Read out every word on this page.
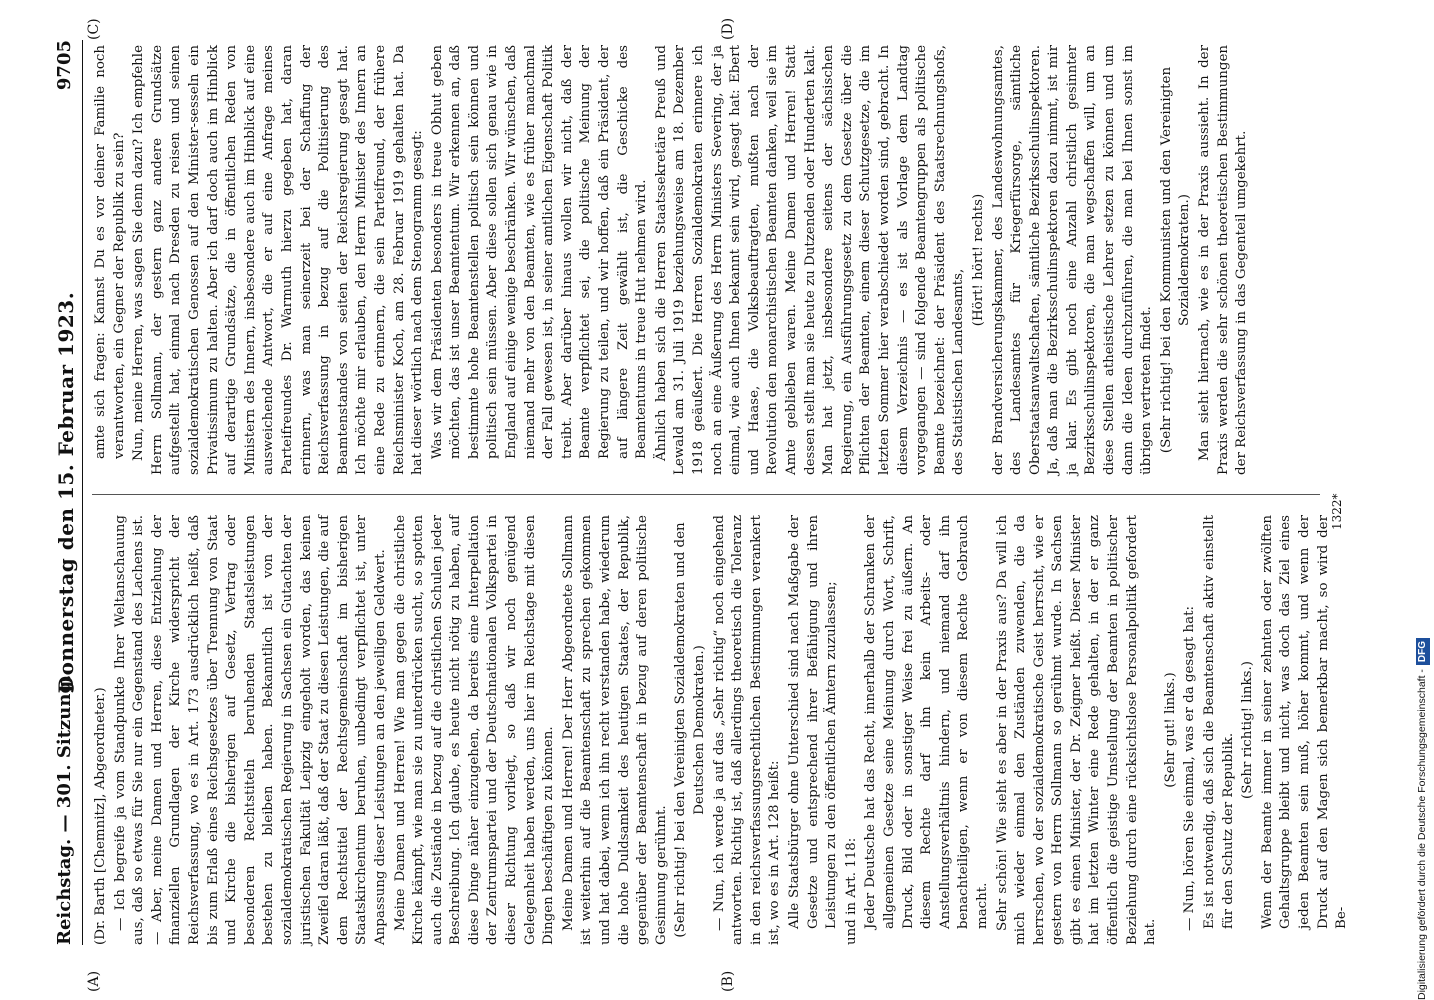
Reichstag. — 301. Sitzung.
Donnerstag den 15. Februar 1923.
9705

(Dr. Barth [Chemnitz], Abgeordneter.) — Ich begreife ja vom Standpunkte Ihrer Weltanschauung aus, daß so etwas für Sie nur ein Gegenstand des Lachens ist. — Aber, meine Damen und Herren, diese Entziehung der finanziellen Grundlagen der Kirche widerspricht der Reichsverfassung, wo es in Art. 173 ausdrücklich heißt, daß bis zum Erlaß eines Reichsgesetzes über Trennung von Staat und Kirche die bisherigen auf Gesetz, Vertrag oder besonderen Rechtstiteln beruhenden Staatsleistungen bestehen zu bleiben haben. Bekanntlich ist von der sozialdemokratischen Regierung in Sachsen ein Gutachten der juristischen Fakultät Leipzig eingeholt worden, das keinen Zweifel daran läßt, daß der Staat zu diesen Leistungen, die auf dem Rechtstitel der Rechtsgemeinschaft im bisherigen Staatskirchentum beruhen, unbedingt verpflichtet ist, unter Anpassung dieser Leistungen an den jeweiligen Geldwert. Meine Damen und Herren! Wie man gegen die christliche Kirche kämpft, wie man sie zu unterdrücken sucht, so spotten auch die Zustände in bezug auf die christlichen Schulen jeder Beschreibung. Ich glaube, es heute nicht nötig zu haben, auf diese Dinge näher einzugehen, da bereits eine Interpellation der Zentrumspartei und der Deutschnationalen Volkspartei in dieser Richtung vorliegt, so daß wir noch genügend Gelegenheit haben werden, uns hier im Reichstage mit diesen Dingen beschäftigen zu können. Meine Damen und Herren! Der Herr Abgeordnete Sollmann ist weiterhin auf die Beamtenschaft zu sprechen gekommen und hat dabei, wenn ich ihn recht verstanden habe, wiederum die hohe Duldsamkeit des heutigen Staates, der Republik, gegenüber der Beamtenschaft in bezug auf deren politische Gesinnung gerühmt. (Sehr richtig! bei den Vereinigten Sozialdemokraten und den Deutschen Demokraten.) — Nun, ich werde ja auf das „Sehr richtig“ noch eingehend antworten. Richtig ist, daß allerdings theoretisch die Toleranz in den reichsverfassungsrechtlichen Bestimmungen verankert ist, wo es in Art. 128 heißt: Alle Staatsbürger ohne Unterschied sind nach Maßgabe der Gesetze und entsprechend ihrer Befähigung und ihren Leistungen zu den öffentlichen Ämtern zuzulassen; und in Art. 118: Jeder Deutsche hat das Recht, innerhalb der Schranken der allgemeinen Gesetze seine Meinung durch Wort, Schrift, Druck, Bild oder in sonstiger Weise frei zu äußern. An diesem Rechte darf ihn kein Arbeits- oder Anstellungsverhältnis hindern, und niemand darf ihn benachteiligen, wenn er von diesem Rechte Gebrauch macht. Sehr schön! Wie sieht es aber in der Praxis aus? Da will ich mich wieder einmal den Zuständen zuwenden, die da herrschen, wo der sozialdemokratische Geist herrscht, wie er gestern von Herrn Sollmann so gerühmt wurde. In Sachsen gibt es einen Minister, der Dr. Zeigner heißt. Dieser Minister hat im letzten Winter eine Rede gehalten, in der er ganz öffentlich die geistige Umstellung der Beamten in politischer Beziehung durch eine rücksichtslose Personalpolitik gefordert hat.

(Sehr gut! links.) — Nun, hören Sie einmal, was er da gesagt hat: Es ist notwendig, daß sich die Beamtenschaft aktiv einstellt für den Schutz der Republik.

(Sehr richtig! links.) Wenn der Beamte immer in seiner zehnten oder zwölften Gehaltsgruppe bleibt und nicht, was doch das Ziel eines jeden Beamten sein muß, höher kommt, und wenn der Druck auf den Magen sich bemerkbar macht, so wird der Be-

amte sich fragen: Kannst Du es vor deiner Familie noch verantworten, ein Gegner der Republik zu sein? Nun, meine Herren, was sagen Sie denn dazu? Ich empfehle Herrn Sollmann, der gestern ganz andere Grundsätze aufgestellt hat, einmal nach Dresden zu reisen und seinen sozialdemokratischen Genossen auf den Minister-sesseln ein Privatissimum zu halten. Aber ich darf doch auch im Hinblick auf derartige Grundsätze, die in öffentlichen Reden von Ministern des Innern, insbesondere auch im Hinblick auf eine ausweichende Antwort, die er auf eine Anfrage meines Parteifreundes Dr. Warmuth hierzu gegeben hat, daran erinnern, was man seinerzeit bei der Schaffung der Reichsverfassung in bezug auf die Politisierung des Beamtenstandes von seiten der Reichsregierung gesagt hat. Ich möchte mir erlauben, den Herrn Minister des Innern an eine Rede zu erinnern, die sein Parteifreund, der frühere Reichsminister Koch, am 28. Februar 1919 gehalten hat. Da hat dieser wörtlich nach dem Stenogramm gesagt: Was wir dem Präsidenten besonders in treue Obhut geben möchten, das ist unser Beamtentum. Wir erkennen an, daß bestimmte hohe Beamtenstellen politisch sein können und politisch sein müssen. Aber diese sollen sich genau wie in England auf einige wenige beschränken. Wir wünschen, daß niemand mehr von den Beamten, wie es früher manchmal der Fall gewesen ist, in seiner amtlichen Eigenschaft Politik treibt. Aber darüber hinaus wollen wir nicht, daß der Beamte verpflichtet sei, die politische Meinung der Regierung zu teilen, und wir hoffen, daß ein Präsident, der auf längere Zeit gewählt ist, die Geschicke des Beamtentums in treue Hut nehmen wird. Ähnlich haben sich die Herren Staatssekretäre Preuß und Lewald am 31. Juli 1919 beziehungsweise am 18. Dezember 1918 geäußert. Die Herren Sozialdemokraten erinnere ich noch an eine Äußerung des Herrn Ministers Severing, der ja einmal, wie auch Ihnen bekannt sein wird, gesagt hat: Ebert und Haase, die Volksbeauftragten, mußten nach der Revolution den monarchistischen Beamten danken, weil sie im Amte geblieben waren. Meine Damen und Herren! Statt dessen stellt man sie heute zu Dutzenden oder Hunderten kalt. Man hat jetzt, insbesondere seitens der sächsischen Regierung, ein Ausführungsgesetz zu dem Gesetze über die Pflichten der Beamten, einem dieser Schutzgesetze, die im letzten Sommer hier verabschiedet worden sind, gebracht. In diesem Verzeichnis — es ist als Vorlage dem Landtag vorgegangen — sind folgende Beamtengruppen als politische Beamte bezeichnet: der Präsident des Staatsrechnungshofs, des Statistischen Landesamts,

(Hört! hört! rechts) der Brandversicherungskammer, des Landeswohnungsamtes, des Landesamtes für Kriegerfürsorge, sämtliche Oberstaatsanwaltschaften, sämtliche Bezirksschulinspektoren. Ja, daß man die Bezirksschulinspektoren dazu nimmt, ist mir ja klar. Es gibt noch eine Anzahl christlich gesinnter Bezirksschulinspektoren, die man wegschaffen will, um an diese Stellen atheistische Lehrer setzen zu können und um dann die Ideen durchzuführen, die man bei Ihnen sonst im übrigen vertreten findet. (Sehr richtig! bei den Kommunisten und den Vereinigten Sozialdemokraten.) Man sieht hiernach, wie es in der Praxis aussieht. In der Praxis werden die sehr schönen theoretischen Bestimmungen der Reichsverfassung in das Gegenteil umgekehrt.

(A)	(B)
(C)	(D)
1322*
Digitalisierung gefördert durch die Deutsche Forschungsgemeinschaft -DFG
